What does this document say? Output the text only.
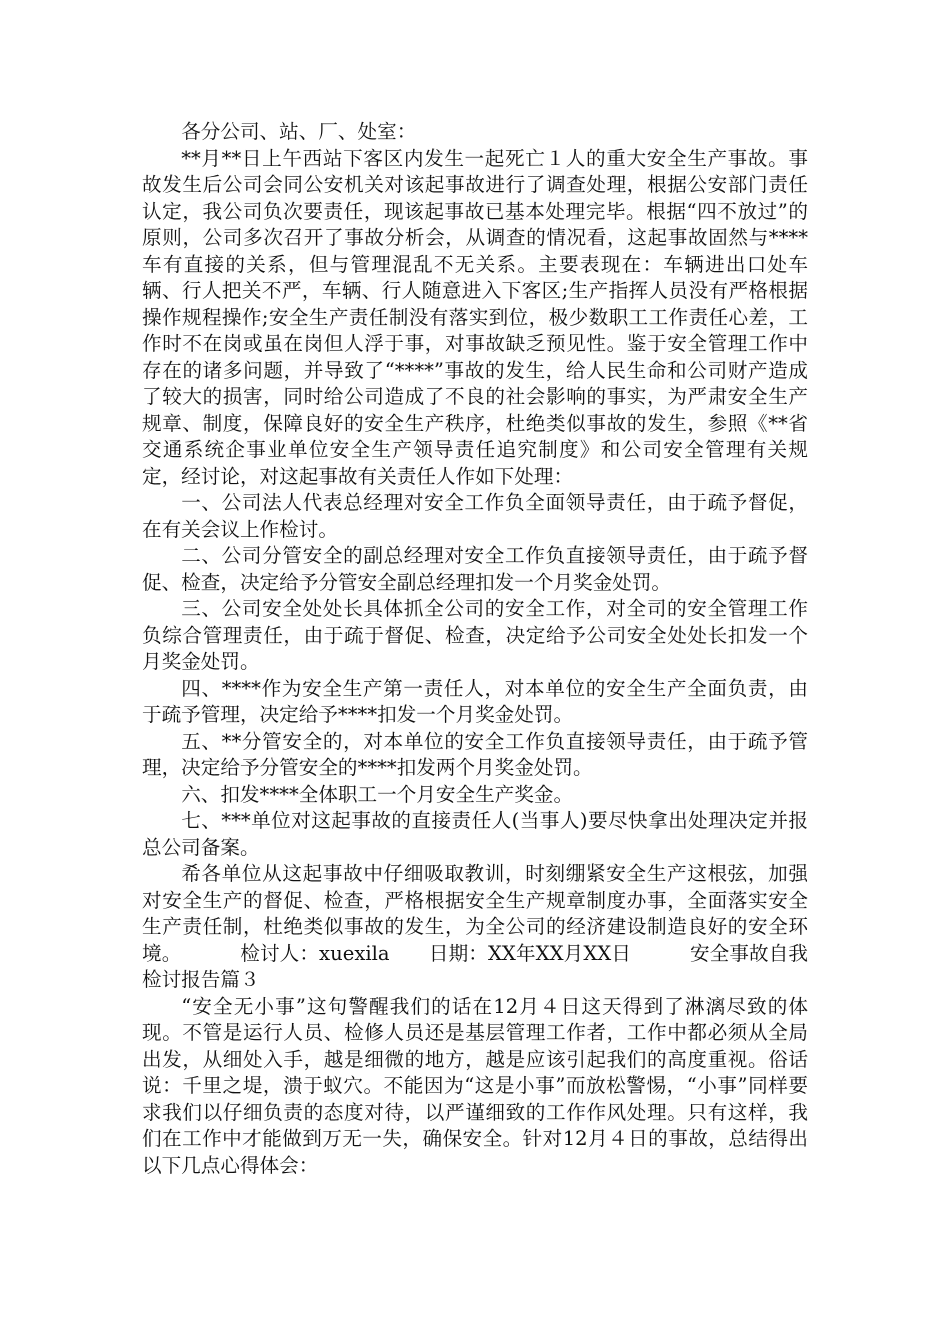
各分公司、站、厂、处室：

**月**日上午西站下客区内发生一起死亡１人的重大安全生产事故。事故发生后公司会同公安机关对该起事故进行了调查处理，根据公安部门责任认定，我公司负次要责任，现该起事故已基本处理完毕。根据“四不放过”的原则，公司多次召开了事故分析会，从调查的情况看，这起事故固然与****车有直接的关系，但与管理混乱不无关系。主要表现在：车辆进出口处车辆、行人把关不严，车辆、行人随意进入下客区;生产指挥人员没有严格根据操作规程操作;安全生产责任制没有落实到位，极少数职工工作责任心差，工作时不在岗或虽在岗但人浮于事，对事故缺乏预见性。鉴于安全管理工作中存在的诸多问题，并导致了“****”事故的发生，给人民生命和公司财产造成了较大的损害，同时给公司造成了不良的社会影响的事实，为严肃安全生产规章、制度，保障良好的安全生产秩序，杜绝类似事故的发生，参照《**省交通系统企事业单位安全生产领导责任追究制度》和公司安全管理有关规定，经讨论，对这起事故有关责任人作如下处理：

一、公司法人代表总经理对安全工作负全面领导责任，由于疏予督促，在有关会议上作检讨。

二、公司分管安全的副总经理对安全工作负直接领导责任，由于疏予督促、检查，决定给予分管安全副总经理扣发一个月奖金处罚。

三、公司安全处处长具体抓全公司的安全工作，对全司的安全管理工作负综合管理责任，由于疏于督促、检查，决定给予公司安全处处长扣发一个月奖金处罚。

四、****作为安全生产第一责任人，对本单位的安全生产全面负责，由于疏予管理，决定给予****扣发一个月奖金处罚。

五、**分管安全的，对本单位的安全工作负直接领导责任，由于疏予管理，决定给予分管安全的****扣发两个月奖金处罚。

六、扣发****全体职工一个月安全生产奖金。

七、***单位对这起事故的直接责任人(当事人)要尽快拿出处理决定并报总公司备案。

希各单位从这起事故中仔细吸取教训，时刻绷紧安全生产这根弦，加强对安全生产的督促、检查，严格根据安全生产规章制度办事，全面落实安全生产责任制，杜绝类似事故的发生，为全公司的经济建设制造良好的安全环境。	检讨人：xuexila 日期：XX年XX月XX日	安全事故自我检讨报告篇３

“安全无小事”这句警醒我们的话在12月４日这天得到了淋漓尽致的体现。不管是运行人员、检修人员还是基层管理工作者，工作中都必须从全局出发，从细处入手，越是细微的地方，越是应该引起我们的高度重视。俗话说：千里之堤，溃于蚁穴。不能因为“这是小事”而放松警惕，“小事”同样要求我们以仔细负责的态度对待，以严谨细致的工作作风处理。只有这样，我们在工作中才能做到万无一失，确保安全。针对12月４日的事故，总结得出以下几点心得体会：
